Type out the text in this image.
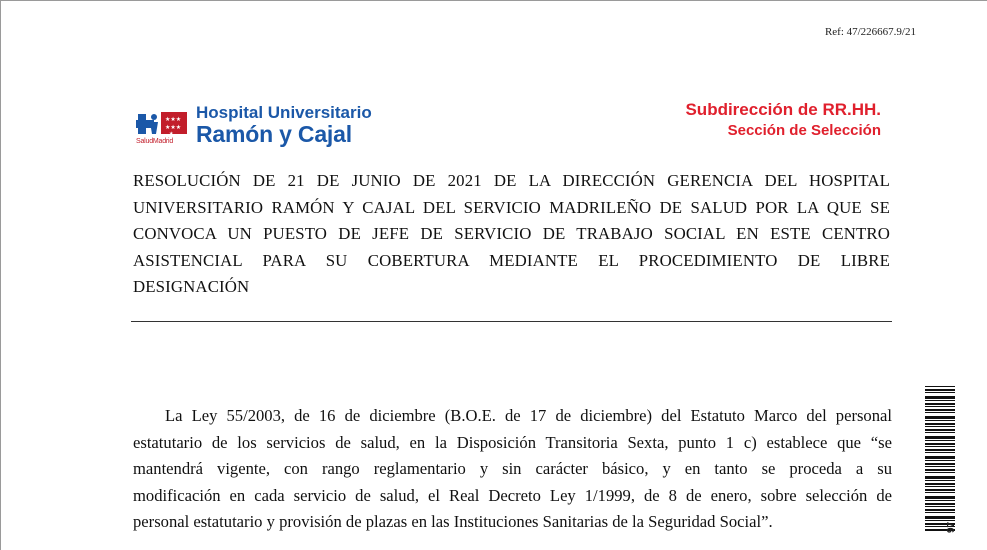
Ref: 47/226667.9/21
★★★
★★★
★
SaludMadrid
Hospital Universitario
Ramón y Cajal
Subdirección de RR.HH.
Sección de Selección
RESOLUCIÓN DE 21 DE JUNIO DE 2021 DE LA DIRECCIÓN GERENCIA DEL HOSPITAL
UNIVERSITARIO RAMÓN Y CAJAL DEL SERVICIO MADRILEÑO DE SALUD POR LA QUE SE
CONVOCA UN PUESTO DE JEFE DE SERVICIO DE TRABAJO SOCIAL EN ESTE CENTRO
ASISTENCIAL PARA SU COBERTURA MEDIANTE EL PROCEDIMIENTO DE LIBRE
DESIGNACIÓN
La Ley 55/2003, de 16 de diciembre (B.O.E. de 17 de diciembre) del Estatuto Marco del personal
estatutario de los servicios de salud, en la Disposición Transitoria Sexta, punto 1 c) establece que “se
mantendrá vigente, con rango reglamentario y sin carácter básico, y en tanto se proceda a su
modificación en cada servicio de salud, el Real Decreto Ley 1/1999, de 8 de enero, sobre selección de
personal estatutario y provisión de plazas en las Instituciones Sanitarias de la Seguridad Social”.	97
